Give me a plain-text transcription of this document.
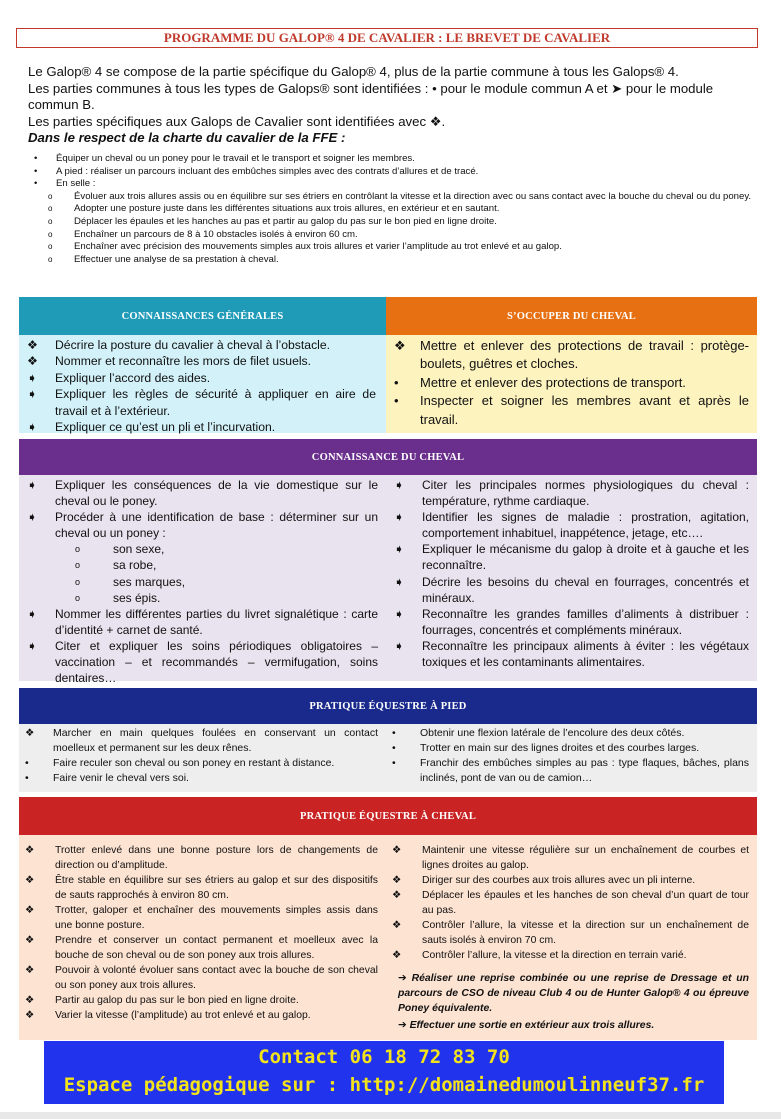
PROGRAMME DU GALOP® 4 DE CAVALIER : LE BREVET DE CAVALIER

Le Galop® 4 se compose de la partie spécifique du Galop® 4, plus de la partie commune à tous les Galops® 4.

Les parties communes à tous les types de Galops® sont identifiées : • pour le module commun A et ➤ pour le module commun B.

Les parties spécifiques aux Galops de Cavalier sont identifiées avec ❖.

Dans le respect de la charte du cavalier de la FFE :

• Équiper un cheval ou un poney pour le travail et le transport et soigner les membres.
• A pied : réaliser un parcours incluant des embûches simples avec des contrats d’allures et de tracé.
• En selle :
o Évoluer aux trois allures assis ou en équilibre sur ses étriers en contrôlant la vitesse et la direction avec ou sans contact avec la bouche du cheval ou du poney.
o Adopter une posture juste dans les différentes situations aux trois allures, en extérieur et en sautant.
o Déplacer les épaules et les hanches au pas et partir au galop du pas sur le bon pied en ligne droite.
o Enchaîner un parcours de 8 à 10 obstacles isolés à environ 60 cm.
o Enchaîner avec précision des mouvements simples aux trois allures et varier l’amplitude au trot enlevé et au galop.
o Effectuer une analyse de sa prestation à cheval.
CONNAISSANCES GÉNÉRALES	S’OCCUPER DU CHEVAL
❖ Décrire la posture du cavalier à cheval à l’obstacle.
❖ Nommer et reconnaître les mors de filet usuels.
➧ Expliquer l’accord des aides.
➧ Expliquer les règles de sécurité à appliquer en aire de travail et à l’extérieur.
➧ Expliquer ce qu’est un pli et l’incurvation.
❖ Mettre et enlever des protections de travail : protège-boulets, guêtres et cloches.
• Mettre et enlever des protections de transport.
• Inspecter et soigner les membres avant et après le travail.
CONNAISSANCE DU CHEVAL
➧ Expliquer les conséquences de la vie domestique sur le cheval ou le poney.
➧ Procéder à une identification de base : déterminer sur un cheval ou un poney :
o	son sexe,
o	sa robe,
o	ses marques,
o	ses épis.
➧ Nommer les différentes parties du livret signalétique : carte d’identité + carnet de santé.
➧ Citer et expliquer les soins périodiques obligatoires – vaccination – et recommandés – vermifugation, soins dentaires…
➧ Citer les principales normes physiologiques du cheval : température, rythme cardiaque.
➧ Identifier les signes de maladie : prostration, agitation, comportement inhabituel, inappétence, jetage, etc….
➧ Expliquer le mécanisme du galop à droite et à gauche et les reconnaître.
➧ Décrire les besoins du cheval en fourrages, concentrés et minéraux.
➧ Reconnaître les grandes familles d’aliments à distribuer : fourrages, concentrés et compléments minéraux.
➧ Reconnaître les principaux aliments à éviter : les végétaux toxiques et les contaminants alimentaires.
PRATIQUE ÉQUESTRE À PIED
❖ Marcher en main quelques foulées en conservant un contact moelleux et permanent sur les deux rênes.
• Faire reculer son cheval ou son poney en restant à distance.
• Faire venir le cheval vers soi.
• Obtenir une flexion latérale de l’encolure des deux côtés.
• Trotter en main sur des lignes droites et des courbes larges.
• Franchir des embûches simples au pas : type flaques, bâches, plans inclinés, pont de van ou de camion…
PRATIQUE ÉQUESTRE À CHEVAL
❖ Trotter enlevé dans une bonne posture lors de changements de direction ou d’amplitude.
❖ Être stable en équilibre sur ses étriers au galop et sur des dispositifs de sauts rapprochés à environ 80 cm.
❖ Trotter, galoper et enchaîner des mouvements simples assis dans une bonne posture.
❖ Prendre et conserver un contact permanent et moelleux avec la bouche de son cheval ou de son poney aux trois allures.
❖ Pouvoir à volonté évoluer sans contact avec la bouche de son cheval ou son poney aux trois allures.
❖ Partir au galop du pas sur le bon pied en ligne droite.
❖ Varier la vitesse (l’amplitude) au trot enlevé et au galop.
❖ Maintenir une vitesse régulière sur un enchaînement de courbes et lignes droites au galop.
❖ Diriger sur des courbes aux trois allures avec un pli interne.
❖ Déplacer les épaules et les hanches de son cheval d’un quart de tour au pas.
❖ Contrôler l’allure, la vitesse et la direction sur un enchaînement de sauts isolés à environ 70 cm.
❖ Contrôler l’allure, la vitesse et la direction en terrain varié.
➔ Réaliser une reprise combinée ou une reprise de Dressage et un parcours de CSO de niveau Club 4 ou de Hunter Galop® 4 ou épreuve Poney équivalente.
➔ Effectuer une sortie en extérieur aux trois allures.
Contact 06 18 72 83 70
Espace pédagogique sur : http://domainedumoulinneuf37.fr
